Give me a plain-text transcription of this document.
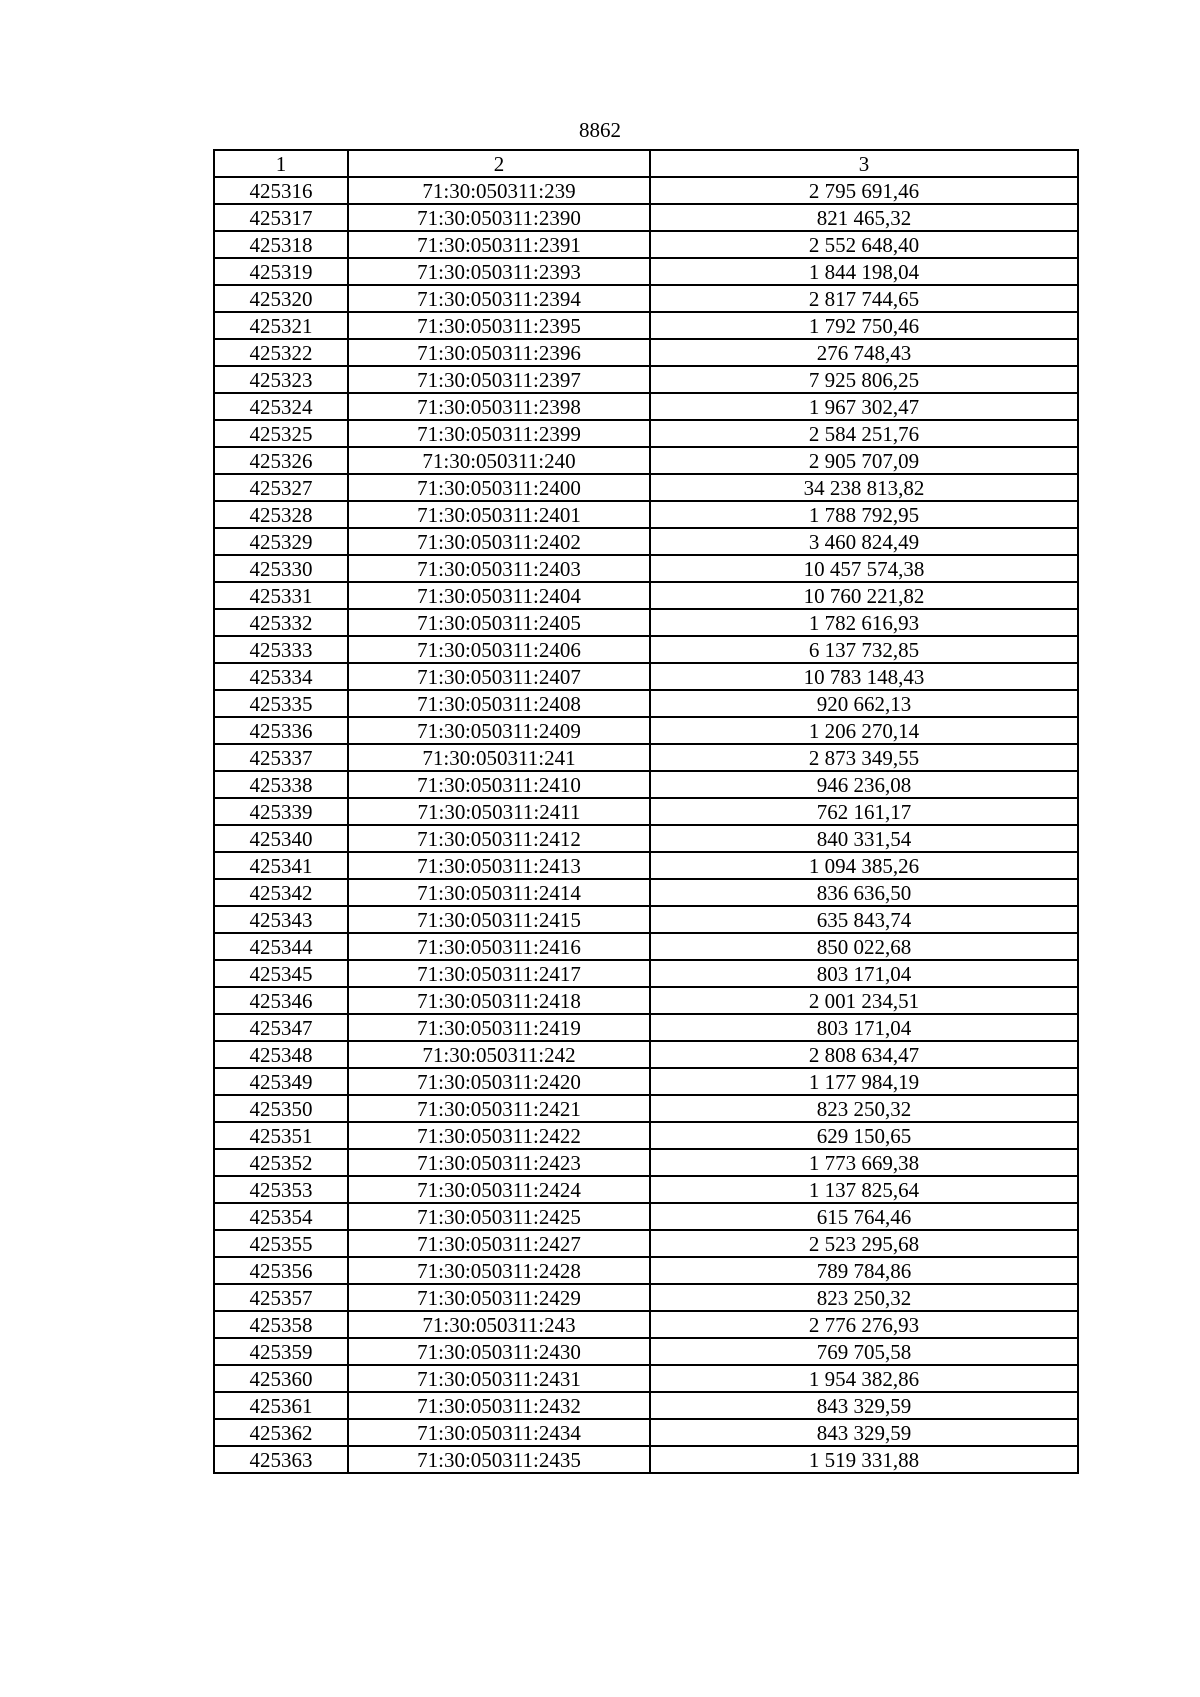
8862
1	2	3
425316	71:30:050311:239	2 795 691,46
425317	71:30:050311:2390	821 465,32
425318	71:30:050311:2391	2 552 648,40
425319	71:30:050311:2393	1 844 198,04
425320	71:30:050311:2394	2 817 744,65
425321	71:30:050311:2395	1 792 750,46
425322	71:30:050311:2396	276 748,43
425323	71:30:050311:2397	7 925 806,25
425324	71:30:050311:2398	1 967 302,47
425325	71:30:050311:2399	2 584 251,76
425326	71:30:050311:240	2 905 707,09
425327	71:30:050311:2400	34 238 813,82
425328	71:30:050311:2401	1 788 792,95
425329	71:30:050311:2402	3 460 824,49
425330	71:30:050311:2403	10 457 574,38
425331	71:30:050311:2404	10 760 221,82
425332	71:30:050311:2405	1 782 616,93
425333	71:30:050311:2406	6 137 732,85
425334	71:30:050311:2407	10 783 148,43
425335	71:30:050311:2408	920 662,13
425336	71:30:050311:2409	1 206 270,14
425337	71:30:050311:241	2 873 349,55
425338	71:30:050311:2410	946 236,08
425339	71:30:050311:2411	762 161,17
425340	71:30:050311:2412	840 331,54
425341	71:30:050311:2413	1 094 385,26
425342	71:30:050311:2414	836 636,50
425343	71:30:050311:2415	635 843,74
425344	71:30:050311:2416	850 022,68
425345	71:30:050311:2417	803 171,04
425346	71:30:050311:2418	2 001 234,51
425347	71:30:050311:2419	803 171,04
425348	71:30:050311:242	2 808 634,47
425349	71:30:050311:2420	1 177 984,19
425350	71:30:050311:2421	823 250,32
425351	71:30:050311:2422	629 150,65
425352	71:30:050311:2423	1 773 669,38
425353	71:30:050311:2424	1 137 825,64
425354	71:30:050311:2425	615 764,46
425355	71:30:050311:2427	2 523 295,68
425356	71:30:050311:2428	789 784,86
425357	71:30:050311:2429	823 250,32
425358	71:30:050311:243	2 776 276,93
425359	71:30:050311:2430	769 705,58
425360	71:30:050311:2431	1 954 382,86
425361	71:30:050311:2432	843 329,59
425362	71:30:050311:2434	843 329,59
425363	71:30:050311:2435	1 519 331,88
